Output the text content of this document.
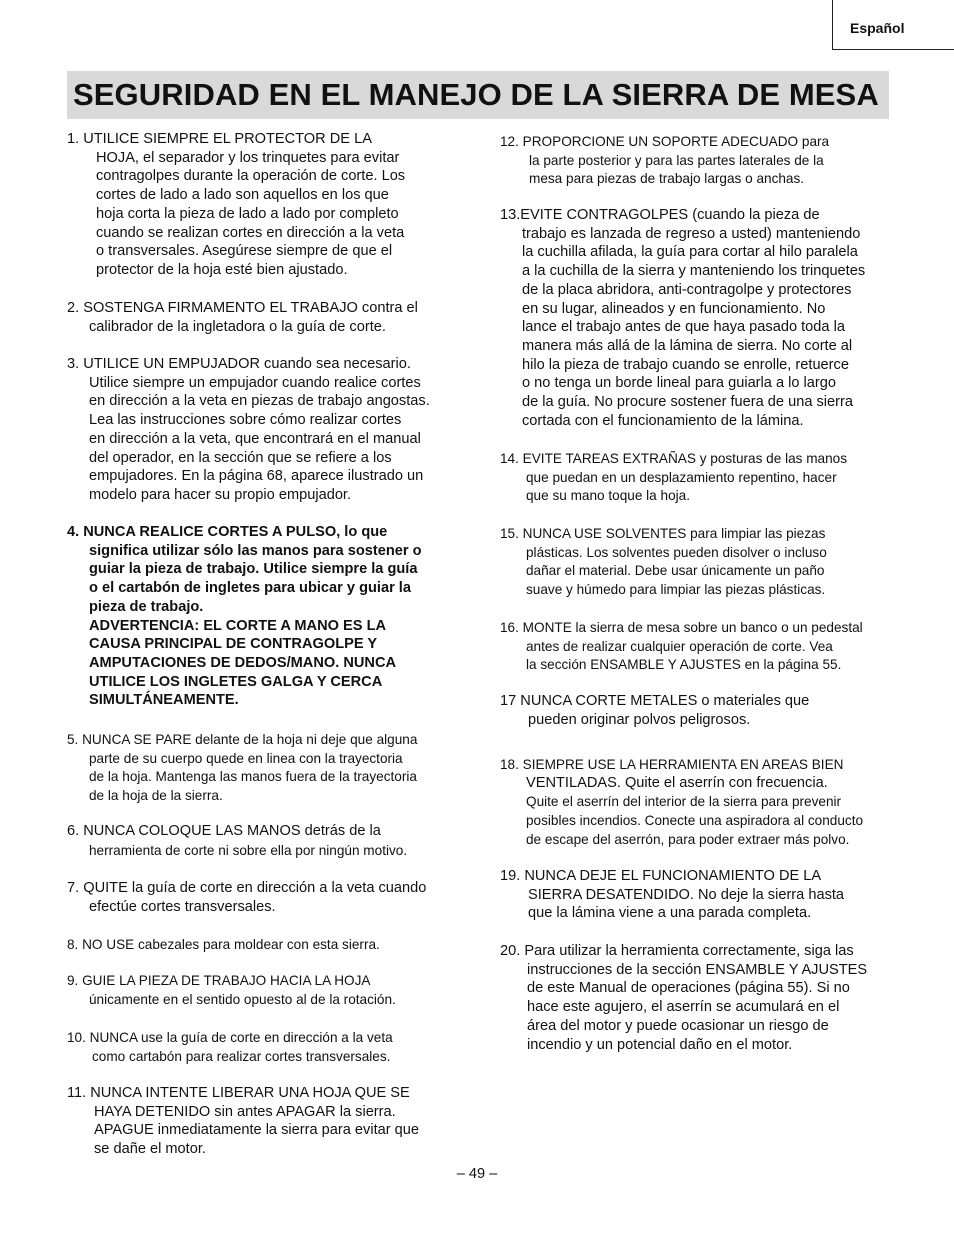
Español
SEGURIDAD EN EL MANEJO DE LA SIERRA DE MESA
1. UTILICE SIEMPRE EL PROTECTOR DE LA
HOJA, el separador y los trinquetes para evitar
contragolpes durante la operación de corte. Los
cortes de lado a lado son aquellos en los que
hoja corta la pieza de lado a lado por completo
cuando se realizan cortes en dirección a la veta
o transversales. Asegúrese siempre de que el
protector de la hoja esté bien ajustado.
2. SOSTENGA FIRMAMENTO EL TRABAJO contra el
calibrador de la ingletadora o la guía de corte.
3. UTILICE UN EMPUJADOR cuando sea necesario.
Utilice siempre un empujador cuando realice cortes
en dirección a la veta en piezas de trabajo angostas.
Lea las instrucciones sobre cómo realizar cortes
en dirección a la veta, que encontrará en el manual
del operador, en la sección que se refiere a los
empujadores. En la página 68, aparece ilustrado un
modelo para hacer su propio empujador.
4. NUNCA REALICE CORTES A PULSO, lo que
significa utilizar sólo las manos para sostener o
guiar la pieza de trabajo. Utilice siempre la guía
o el cartabón de ingletes para ubicar y guiar la
pieza de trabajo.
ADVERTENCIA: EL CORTE A MANO ES LA
CAUSA PRINCIPAL DE CONTRAGOLPE Y
AMPUTACIONES DE DEDOS/MANO. NUNCA
UTILICE LOS INGLETES GALGA Y CERCA
SIMULTÁNEAMENTE.
5. NUNCA SE PARE delante de la hoja ni deje que alguna
parte de su cuerpo quede en linea con la trayectoria
de la hoja. Mantenga las manos fuera de la trayectoria
de la hoja de la sierra.
6. NUNCA COLOQUE LAS MANOS detrás de la
herramienta de corte ni sobre ella por ningún motivo.
7. QUITE la guía de corte en dirección a la veta cuando
efectúe cortes transversales.
8. NO USE cabezales para moldear con esta sierra.
9. GUIE LA PIEZA DE TRABAJO HACIA LA HOJA
únicamente en el sentido opuesto al de la rotación.
10. NUNCA use la guía de corte en dirección a la veta
como cartabón para realizar cortes transversales.
11. NUNCA INTENTE LIBERAR UNA HOJA QUE SE
HAYA DETENIDO sin antes APAGAR la sierra.
APAGUE inmediatamente la sierra para evitar que
se dañe el motor.
12. PROPORCIONE UN SOPORTE ADECUADO para
la parte posterior y para las partes laterales de la
mesa para piezas de trabajo largas o anchas.
13.EVITE CONTRAGOLPES (cuando la pieza de
trabajo es lanzada de regreso a usted) manteniendo
la cuchilla afilada, la guía para cortar al hilo paralela
a la cuchilla de la sierra y manteniendo los trinquetes
de la placa abridora, anti-contragolpe y protectores
en su lugar, alineados y en funcionamiento. No
lance el trabajo antes de que haya pasado toda la
manera más allá de la lámina de sierra. No corte al
hilo la pieza de trabajo cuando se enrolle, retuerce
o no tenga un borde lineal para guiarla a lo largo
de la guía. No procure sostener fuera de una sierra
cortada con el funcionamiento de la lámina.
14. EVITE TAREAS EXTRAÑAS y posturas de las manos
que puedan en un desplazamiento repentino, hacer
que su mano toque la hoja.
15. NUNCA USE SOLVENTES para limpiar las piezas
plásticas. Los solventes pueden disolver o incluso
dañar el material. Debe usar únicamente un paño
suave y húmedo para limpiar las piezas plásticas.
16. MONTE la sierra de mesa sobre un banco o un pedestal
antes de realizar cualquier operación de corte. Vea
la sección ENSAMBLE Y AJUSTES en la página 55.
17 NUNCA CORTE METALES o materiales que
pueden originar polvos peligrosos.
18. SIEMPRE USE LA HERRAMIENTA EN AREAS BIEN
VENTILADAS. Quite el aserrín con frecuencia.
Quite el aserrín del interior de la sierra para prevenir
posibles incendios. Conecte una aspiradora al conducto
de escape del aserrón, para poder extraer más polvo.
19. NUNCA DEJE EL FUNCIONAMIENTO DE LA
SIERRA DESATENDIDO. No deje la sierra hasta
que la lámina viene a una parada completa.
20. Para utilizar la herramienta correctamente, siga las
instrucciones de la sección ENSAMBLE Y AJUSTES
de este Manual de operaciones (página 55). Si no
hace este agujero, el aserrín se acumulará en el
área del motor y puede ocasionar un riesgo de
incendio y un potencial daño en el motor.
– 49 –
